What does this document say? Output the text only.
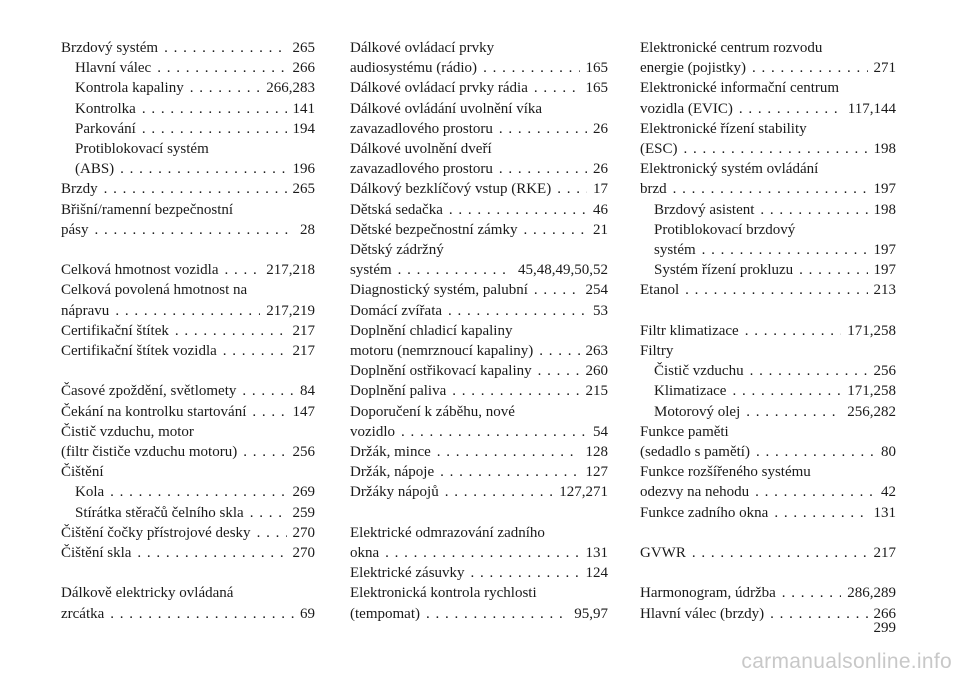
Brzdový systém . . .	265
Hlavní válec . . .	266
Kontrola kapaliny . . .	266,283
Kontrolka . . .	141
Parkování . . .	194
Protiblokovací systém
(ABS) . . .	196
Brzdy . . .	265
Břišní/ramenní bezpečnostní
pásy . . .	28
Celková hmotnost vozidla . . .	217,218
Celková povolená hmotnost na
nápravu . . .	217,219
Certifikační štítek . . .	217
Certifikační štítek vozidla . . .	217
Časové zpoždění, světlomety . . .	84
Čekání na kontrolku startování . . .	147
Čistič vzduchu, motor
(filtr čističe vzduchu motoru) . . .	256
Čištění
Kola . . .	269
Stírátka stěračů čelního skla . . .	259
Čištění čočky přístrojové desky . . .	270
Čištění skla . . .	270
Dálkově elektricky ovládaná
zrcátka . . .	69
Dálkové ovládací prvky
audiosystému (rádio) . . .	165
Dálkové ovládací prvky rádia . . .	165
Dálkové ovládání uvolnění víka
zavazadlového prostoru . . .	26
Dálkové uvolnění dveří
zavazadlového prostoru . . .	26
Dálkový bezklíčový vstup (RKE) . . .	17
Dětská sedačka . . .	46
Dětské bezpečnostní zámky . . .	21
Dětský zádržný
systém . . .	45,48,49,50,52
Diagnostický systém, palubní . . .	254
Domácí zvířata . . .	53
Doplnění chladicí kapaliny
motoru (nemrznoucí kapaliny) . . .	263
Doplnění ostřikovací kapaliny . . .	260
Doplnění paliva . . .	215
Doporučení k záběhu, nové
vozidlo . . .	54
Držák, mince . . .	128
Držák, nápoje . . .	127
Držáky nápojů . . .	127,271
Elektrické odmrazování zadního
okna . . .	131
Elektrické zásuvky . . .	124
Elektronická kontrola rychlosti
(tempomat) . . .	95,97
Elektronické centrum rozvodu
energie (pojistky) . . .	271
Elektronické informační centrum
vozidla (EVIC) . . .	117,144
Elektronické řízení stability
(ESC) . . .	198
Elektronický systém ovládání
brzd . . .	197
Brzdový asistent . . .	198
Protiblokovací brzdový
systém . . .	197
Systém řízení prokluzu . . .	197
Etanol . . .	213
Filtr klimatizace . . .	171,258
Filtry
Čistič vzduchu . . .	256
Klimatizace . . .	171,258
Motorový olej . . .	256,282
Funkce paměti
(sedadlo s pamětí) . . .	80
Funkce rozšířeného systému
odezvy na nehodu . . .	42
Funkce zadního okna . . .	131
GVWR . . .	217
Harmonogram, údržba . . .	286,289
Hlavní válec (brzdy) . . .	266
299
carmanualsonline.info
